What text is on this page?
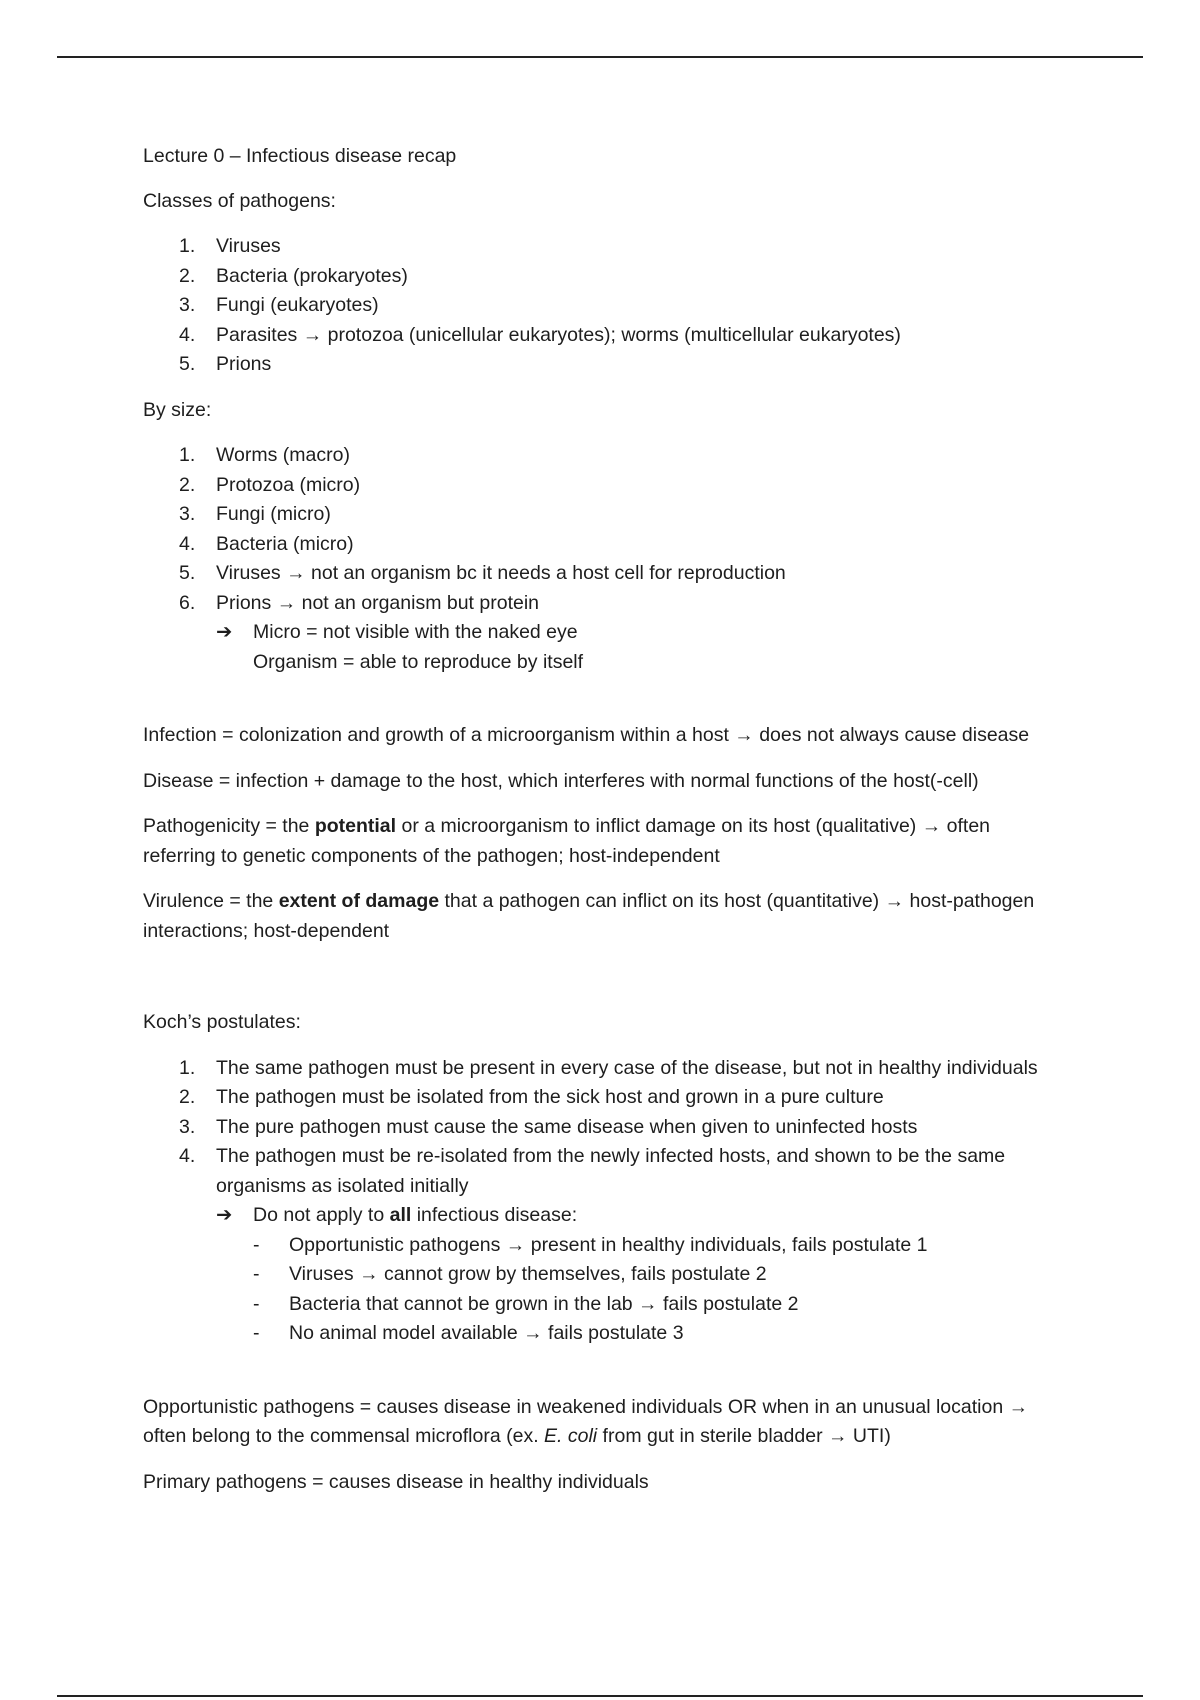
Lecture 0 – Infectious disease recap

Classes of pathogens:

1.	Viruses
2.	Bacteria (prokaryotes)
3.	Fungi (eukaryotes)
4.	Parasites → protozoa (unicellular eukaryotes); worms (multicellular eukaryotes)
5.	Prions

By size:

1.	Worms (macro)
2.	Protozoa (micro)
3.	Fungi (micro)
4.	Bacteria (micro)
5.	Viruses → not an organism bc it needs a host cell for reproduction
6.	Prions → not an organism but protein
➔ Micro = not visible with the naked eye
Organism = able to reproduce by itself

Infection = colonization and growth of a microorganism within a host → does not always cause disease

Disease = infection + damage to the host, which interferes with normal functions of the host(-cell)

Pathogenicity = the potential or a microorganism to inflict damage on its host (qualitative) → often referring to genetic components of the pathogen; host-independent

Virulence = the extent of damage that a pathogen can inflict on its host (quantitative) → host-pathogen interactions; host-dependent

Koch’s postulates:

1.	The same pathogen must be present in every case of the disease, but not in healthy individuals
2.	The pathogen must be isolated from the sick host and grown in a pure culture
3.	The pure pathogen must cause the same disease when given to uninfected hosts
4.	The pathogen must be re-isolated from the newly infected hosts, and shown to be the same organisms as isolated initially
➔ Do not apply to all infectious disease:
- Opportunistic pathogens → present in healthy individuals, fails postulate 1
- Viruses → cannot grow by themselves, fails postulate 2
- Bacteria that cannot be grown in the lab → fails postulate 2
- No animal model available → fails postulate 3

Opportunistic pathogens = causes disease in weakened individuals OR when in an unusual location → often belong to the commensal microflora (ex. E. coli from gut in sterile bladder → UTI)

Primary pathogens = causes disease in healthy individuals
